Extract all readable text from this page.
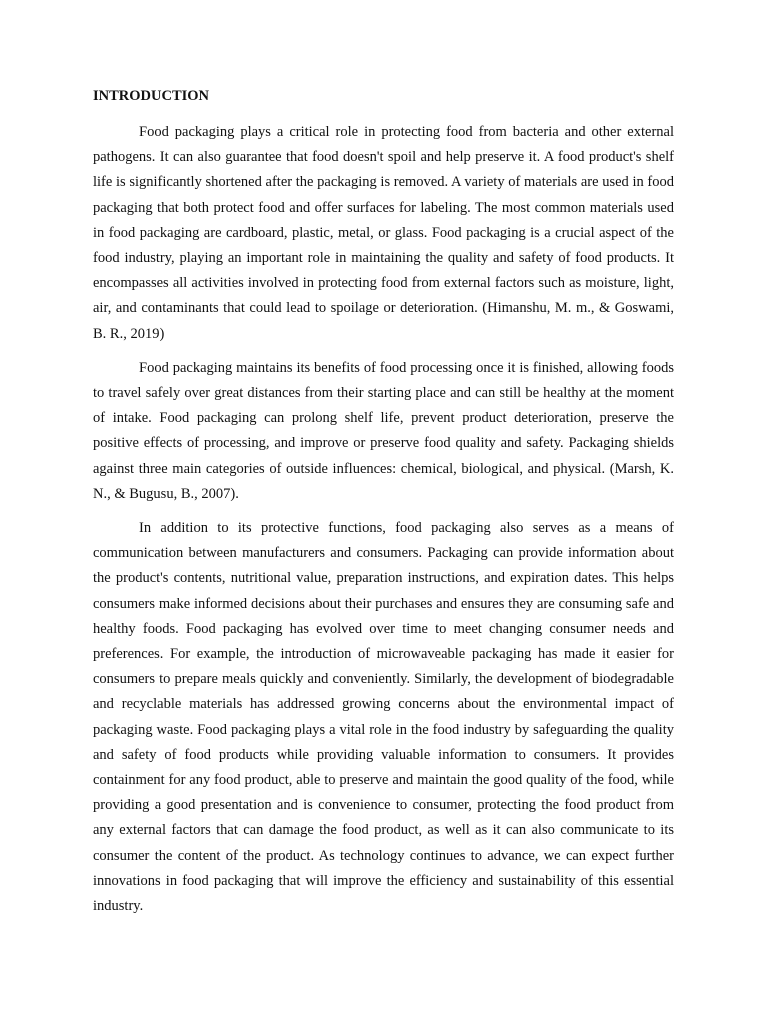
INTRODUCTION

Food packaging plays a critical role in protecting food from bacteria and other external pathogens. It can also guarantee that food doesn't spoil and help preserve it. A food product's shelf life is significantly shortened after the packaging is removed. A variety of materials are used in food packaging that both protect food and offer surfaces for labeling. The most common materials used in food packaging are cardboard, plastic, metal, or glass. Food packaging is a crucial aspect of the food industry, playing an important role in maintaining the quality and safety of food products. It encompasses all activities involved in protecting food from external factors such as moisture, light, air, and contaminants that could lead to spoilage or deterioration. (Himanshu, M. m., & Goswami, B. R., 2019)

Food packaging maintains its benefits of food processing once it is finished, allowing foods to travel safely over great distances from their starting place and can still be healthy at the moment of intake. Food packaging can prolong shelf life, prevent product deterioration, preserve the positive effects of processing, and improve or preserve food quality and safety. Packaging shields against three main categories of outside influences: chemical, biological, and physical. (Marsh, K. N., & Bugusu, B., 2007).

In addition to its protective functions, food packaging also serves as a means of communication between manufacturers and consumers. Packaging can provide information about the product's contents, nutritional value, preparation instructions, and expiration dates. This helps consumers make informed decisions about their purchases and ensures they are consuming safe and healthy foods. Food packaging has evolved over time to meet changing consumer needs and preferences. For example, the introduction of microwaveable packaging has made it easier for consumers to prepare meals quickly and conveniently. Similarly, the development of biodegradable and recyclable materials has addressed growing concerns about the environmental impact of packaging waste. Food packaging plays a vital role in the food industry by safeguarding the quality and safety of food products while providing valuable information to consumers. It provides containment for any food product, able to preserve and maintain the good quality of the food, while providing a good presentation and is convenience to consumer, protecting the food product from any external factors that can damage the food product, as well as it can also communicate to its consumer the content of the product. As technology continues to advance, we can expect further innovations in food packaging that will improve the efficiency and sustainability of this essential industry.
